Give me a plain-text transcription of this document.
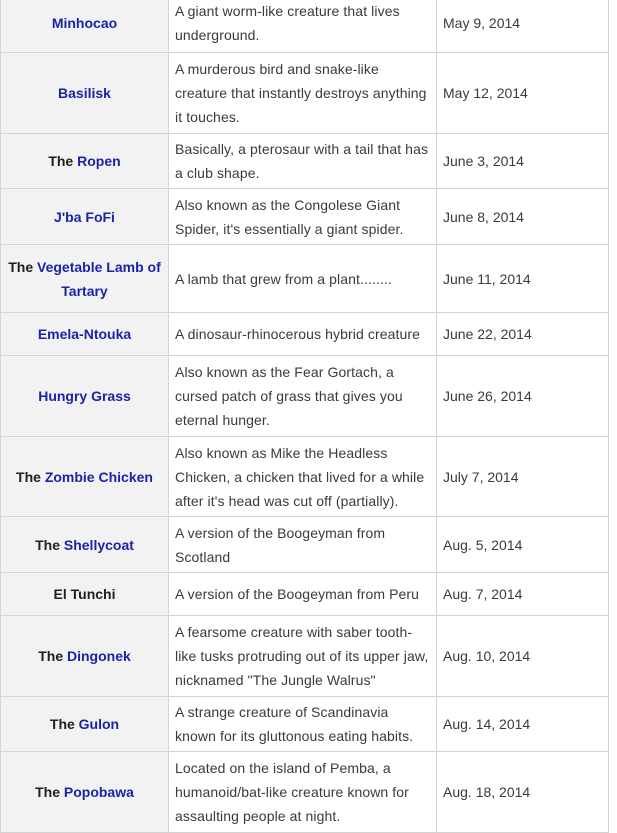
Minhocao	A giant worm-like creature that lives underground.	May 9, 2014
Basilisk	A murderous bird and snake-like creature that instantly destroys anything it touches.	May 12, 2014
The Ropen	Basically, a pterosaur with a tail that has a club shape.	June 3, 2014
J'ba FoFi	Also known as the Congolese Giant Spider, it's essentially a giant spider.	June 8, 2014
The Vegetable Lamb of Tartary	A lamb that grew from a plant........	June 11, 2014
Emela-Ntouka	A dinosaur-rhinocerous hybrid creature	June 22, 2014
Hungry Grass	Also known as the Fear Gortach, a cursed patch of grass that gives you eternal hunger.	June 26, 2014
The Zombie Chicken	Also known as Mike the Headless Chicken, a chicken that lived for a while after it's head was cut off (partially).	July 7, 2014
The Shellycoat	A version of the Boogeyman from Scotland	Aug. 5, 2014
El Tunchi	A version of the Boogeyman from Peru	Aug. 7, 2014
The Dingonek	A fearsome creature with saber tooth-like tusks protruding out of its upper jaw, nicknamed "The Jungle Walrus"	Aug. 10, 2014
The Gulon	A strange creature of Scandinavia known for its gluttonous eating habits.	Aug. 14, 2014
The Popobawa	Located on the island of Pemba, a humanoid/bat-like creature known for assaulting people at night.	Aug. 18, 2014
